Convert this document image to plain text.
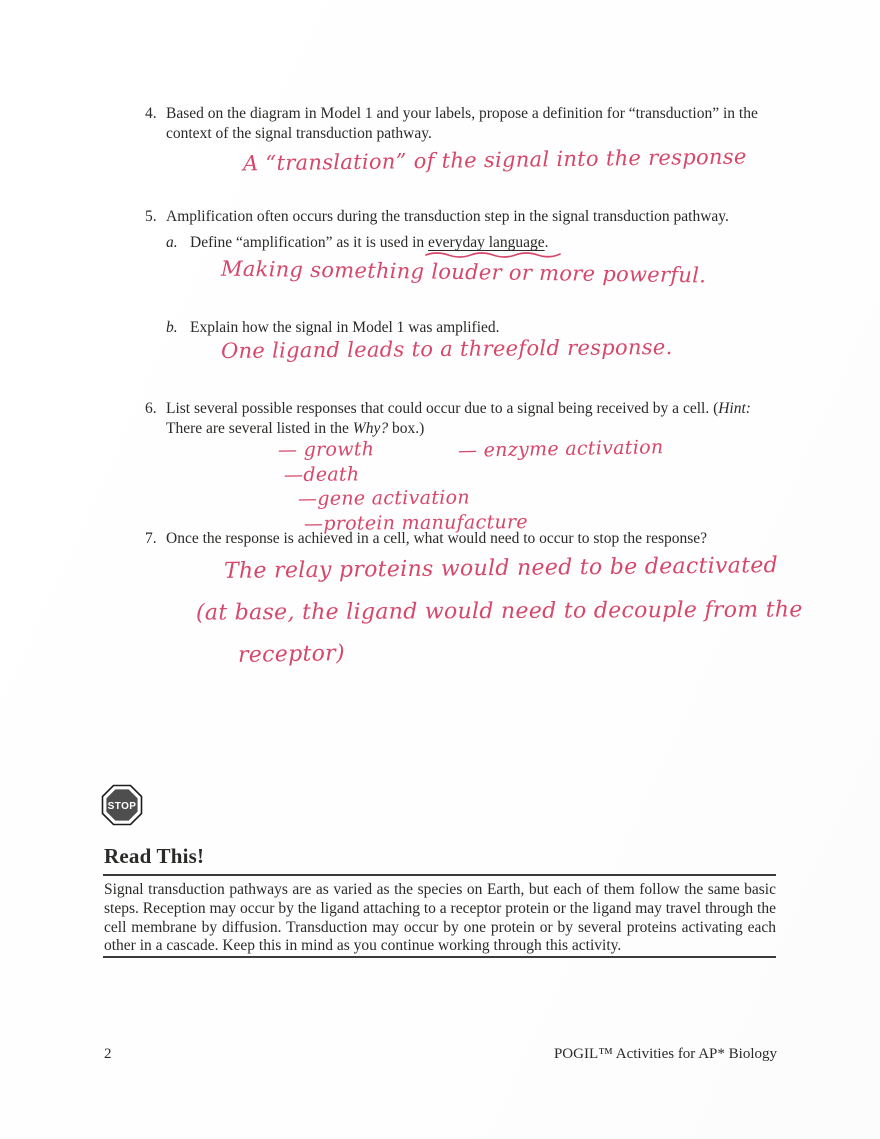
4. Based on the diagram in Model 1 and your labels, propose a definition for “transduction” in the context of the signal transduction pathway.
A “translation” of the signal into the response
5. Amplification often occurs during the transduction step in the signal transduction pathway.
a. Define “amplification” as it is used in everyday language
.
Making something louder or more powerful.
b. Explain how the signal in Model 1 was amplified.
One ligand leads to a threefold response.
6. List several possible responses that could occur due to a signal being received by a cell. (Hint: There are several listed in the Why? box.)
— growth
—death
—gene activation
—protein manufacture
— enzyme activation
7. Once the response is achieved in a cell, what would need to occur to stop the response?
The relay proteins would need to be deactivated
(at base, the ligand would need to decouple from the
receptor)
STOP
Read This!
Signal transduction pathways are as varied as the species on Earth, but each of them follow the same basic steps. Reception may occur by the ligand attaching to a receptor protein or the ligand may travel through the cell membrane by diffusion. Transduction may occur by one protein or by several proteins activating each other in a cascade. Keep this in mind as you continue working through this activity.
2	POGIL™ Activities for AP* Biology
